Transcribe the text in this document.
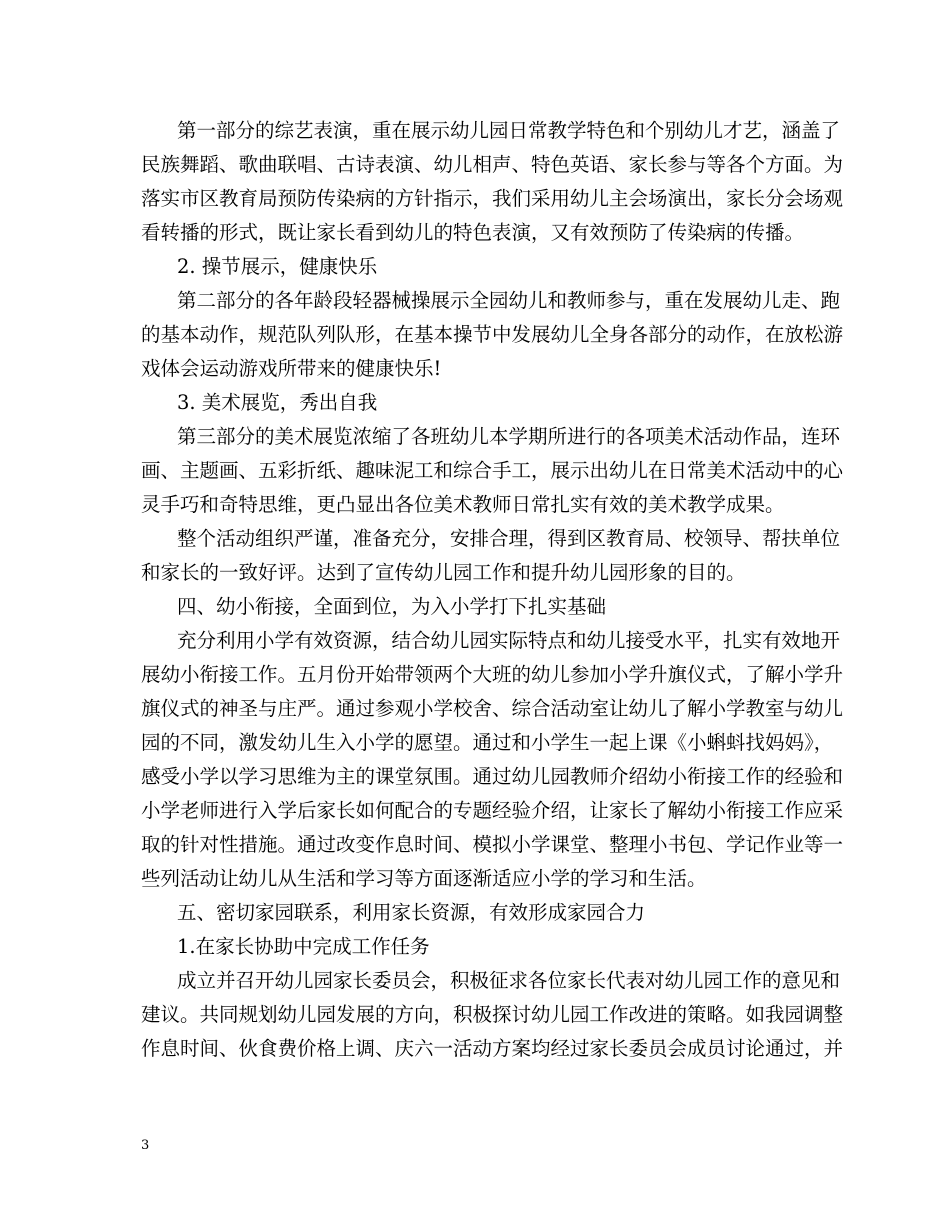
第一部分的综艺表演，重在展示幼儿园日常教学特色和个别幼儿才艺，涵盖了
民族舞蹈、歌曲联唱、古诗表演、幼儿相声、特色英语、家长参与等各个方面。为
落实市区教育局预防传染病的方针指示，我们采用幼儿主会场演出，家长分会场观
看转播的形式，既让家长看到幼儿的特色表演，又有效预防了传染病的传播。
2. 操节展示，健康快乐
第二部分的各年龄段轻器械操展示全园幼儿和教师参与，重在发展幼儿走、跑
的基本动作，规范队列队形，在基本操节中发展幼儿全身各部分的动作，在放松游
戏体会运动游戏所带来的健康快乐!
3. 美术展览，秀出自我
第三部分的美术展览浓缩了各班幼儿本学期所进行的各项美术活动作品，连环
画、主题画、五彩折纸、趣味泥工和综合手工，展示出幼儿在日常美术活动中的心
灵手巧和奇特思维，更凸显出各位美术教师日常扎实有效的美术教学成果。
整个活动组织严谨，准备充分，安排合理，得到区教育局、校领导、帮扶单位
和家长的一致好评。达到了宣传幼儿园工作和提升幼儿园形象的目的。
四、幼小衔接，全面到位，为入小学打下扎实基础
充分利用小学有效资源，结合幼儿园实际特点和幼儿接受水平，扎实有效地开
展幼小衔接工作。五月份开始带领两个大班的幼儿参加小学升旗仪式，了解小学升
旗仪式的神圣与庄严。通过参观小学校舍、综合活动室让幼儿了解小学教室与幼儿
园的不同，激发幼儿生入小学的愿望。通过和小学生一起上课《小蝌蚪找妈妈》，
感受小学以学习思维为主的课堂氛围。通过幼儿园教师介绍幼小衔接工作的经验和
小学老师进行入学后家长如何配合的专题经验介绍，让家长了解幼小衔接工作应采
取的针对性措施。通过改变作息时间、模拟小学课堂、整理小书包、学记作业等一
些列活动让幼儿从生活和学习等方面逐渐适应小学的学习和生活。
五、密切家园联系，利用家长资源，有效形成家园合力
1.在家长协助中完成工作任务
成立并召开幼儿园家长委员会，积极征求各位家长代表对幼儿园工作的意见和
建议。共同规划幼儿园发展的方向，积极探讨幼儿园工作改进的策略。如我园调整
作息时间、伙食费价格上调、庆六一活动方案均经过家长委员会成员讨论通过，并
3
